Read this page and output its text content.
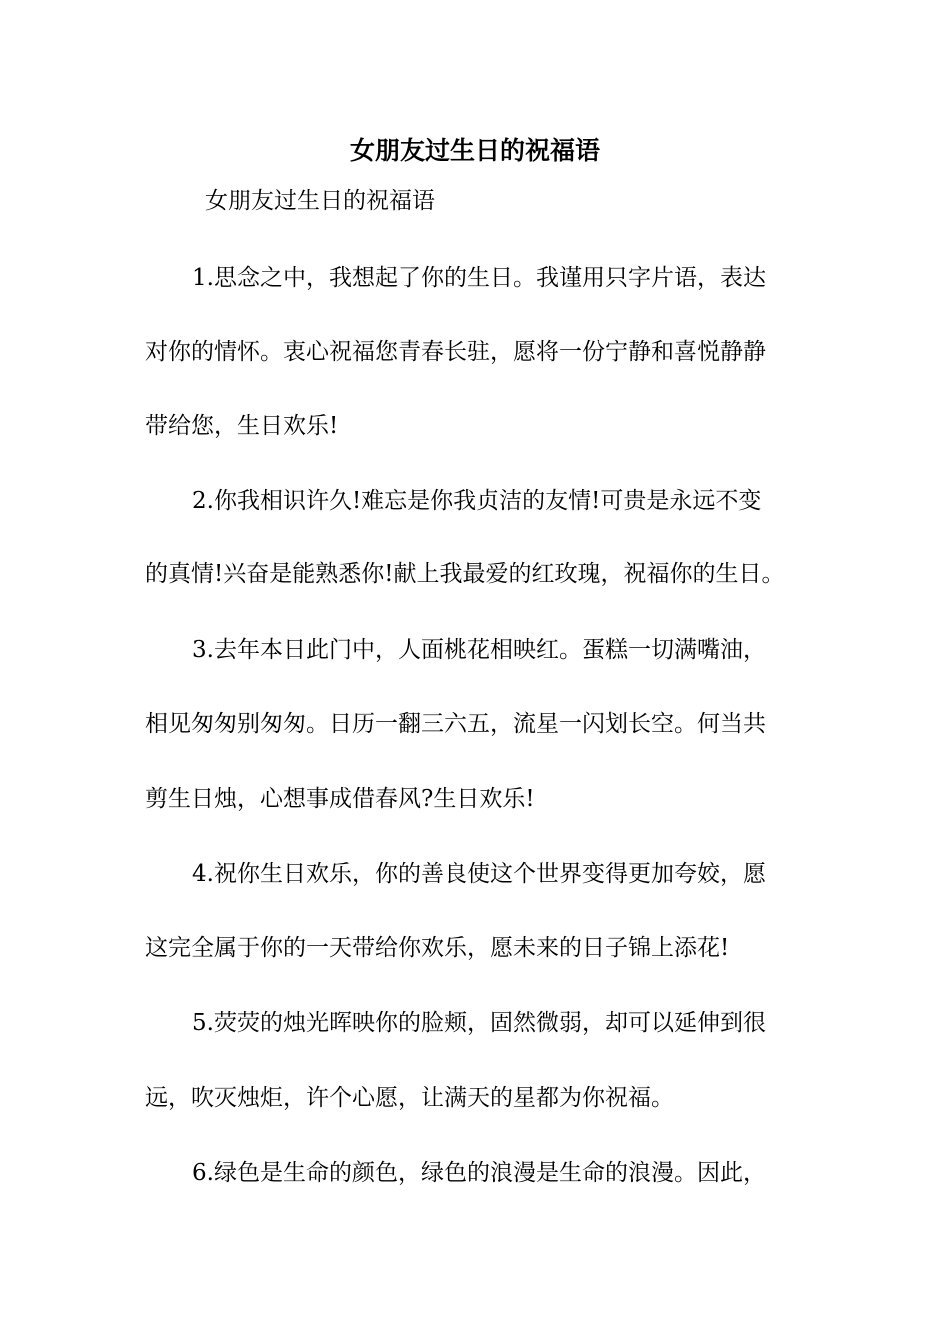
女朋友过生日的祝福语

女朋友过生日的祝福语

1.思念之中，我想起了你的生日。我谨用只字片语，表达

对你的情怀。衷心祝福您青春长驻，愿将一份宁静和喜悦静静

带给您，生日欢乐!

2.你我相识许久!难忘是你我贞洁的友情!可贵是永远不变

的真情!兴奋是能熟悉你!献上我最爱的红玫瑰，祝福你的生日。

3.去年本日此门中，人面桃花相映红。蛋糕一切满嘴油，

相见匆匆别匆匆。日历一翻三六五，流星一闪划长空。何当共

剪生日烛，心想事成借春风?生日欢乐!

4.祝你生日欢乐，你的善良使这个世界变得更加夸姣，愿

这完全属于你的一天带给你欢乐，愿未来的日子锦上添花!

5.荧荧的烛光晖映你的脸颊，固然微弱，却可以延伸到很

远，吹灭烛炬，许个心愿，让满天的星都为你祝福。

6.绿色是生命的颜色，绿色的浪漫是生命的浪漫。因此，
